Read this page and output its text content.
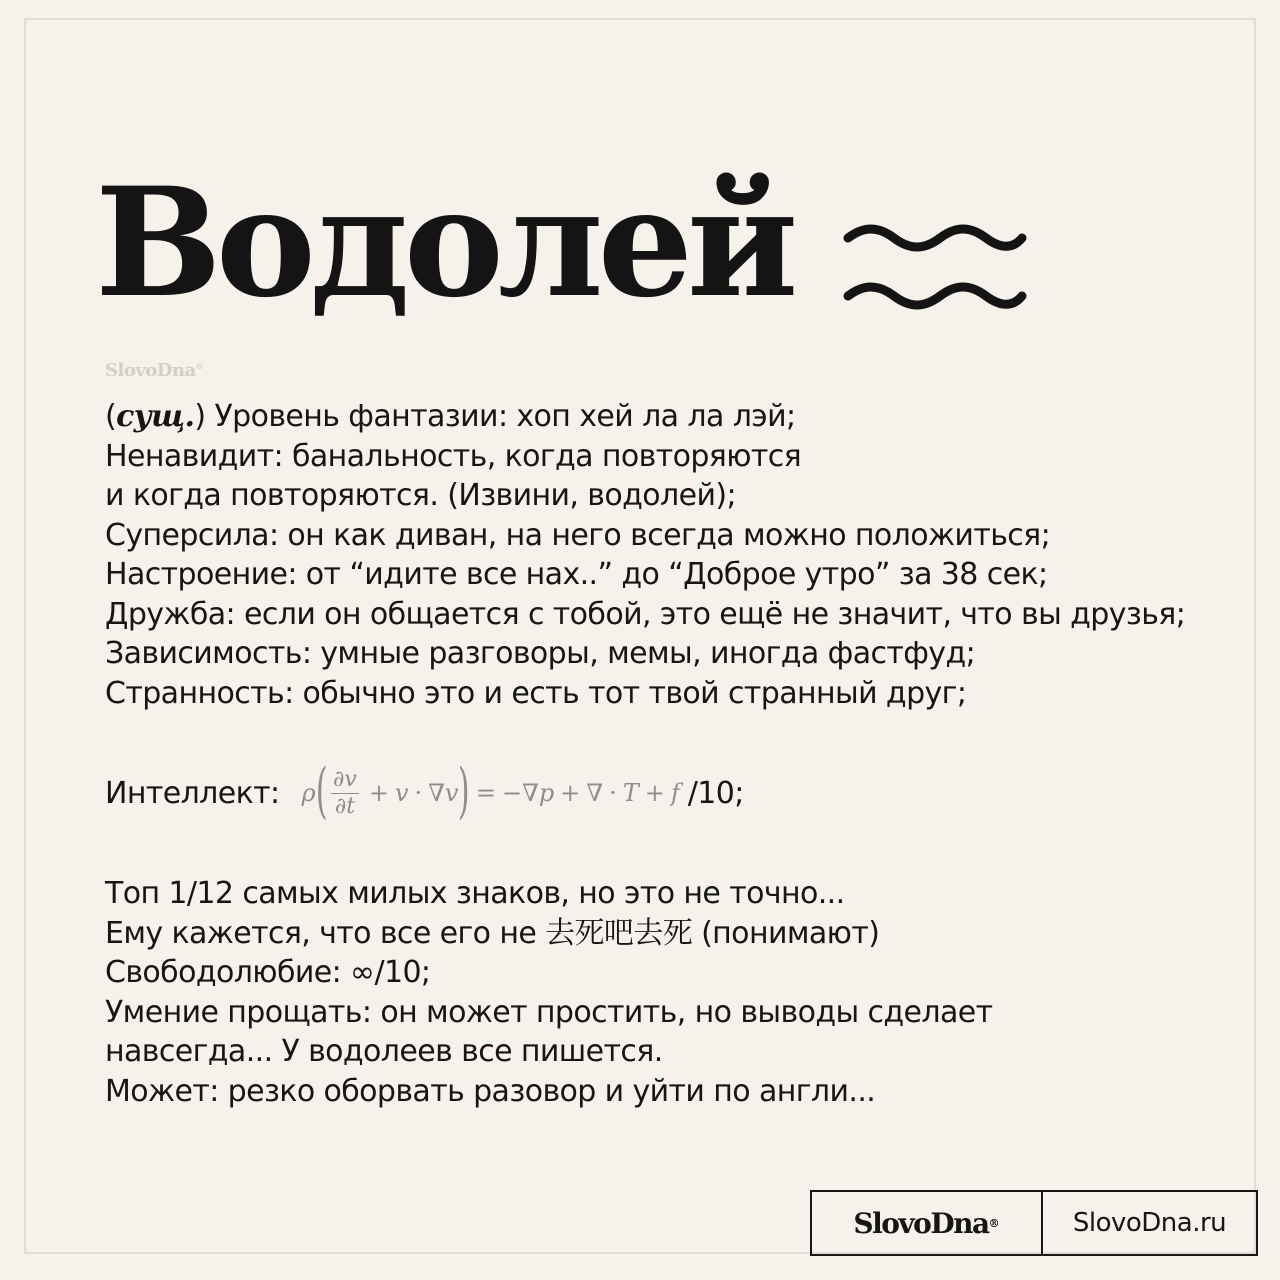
Водолей
SlovoDna®
(сущ.) Уровень фантазии: хоп хей ла ла лэй;
Ненавидит: банальность, когда повторяются
и когда повторяются. (Извини, водолей);
Суперсила: он как диван, на него всегда можно положиться;
Настроение: от “идите все нах..” до “Доброе утро” за 38 сек;
Дружба: если он общается с тобой, это ещё не значит, что вы друзья;
Зависимость: умные разговоры, мемы, иногда фастфуд;
Странность: обычно это и есть тот твой странный друг;
Интеллект: ρ ( $\frac{\partial v}{\partial t} + v \cdot \nabla v$ ) = −∇p + ∇ · T + f /10;
Топ 1/12 самых милых знаков, но это не точно...
Ему кажется, что все его не 去死吧去死 (понимают)
Свободолюбие: ∞/10;
Умение прощать: он может простить, но выводы сделает
навсегда... У водолеев все пишется.
Может: резко оборвать разовор и уйти по англи...
SlovoDna ®	SlovoDna.ru
